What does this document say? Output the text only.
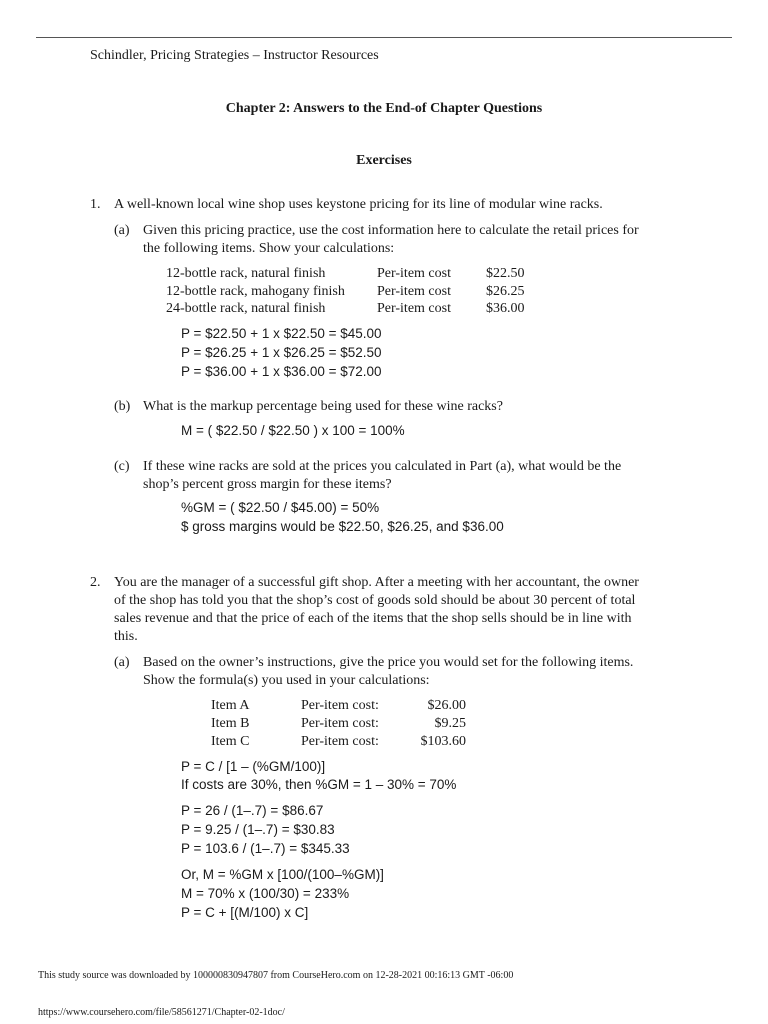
Schindler, Pricing Strategies – Instructor Resources
Chapter 2: Answers to the End-of Chapter Questions
Exercises
1. A well-known local wine shop uses keystone pricing for its line of modular wine racks.
(a) Given this pricing practice, use the cost information here to calculate the retail prices for
the following items. Show your calculations:
12-bottle rack, natural finish	Per-item cost	$22.50
12-bottle rack, mahogany finish Per-item cost	$26.25
24-bottle rack, natural finish	Per-item cost	$36.00
P = $22.50 + 1 x $22.50 = $45.00
P = $26.25 + 1 x $26.25 = $52.50
P = $36.00 + 1 x $36.00 = $72.00
(b) What is the markup percentage being used for these wine racks?
M = ( $22.50 / $22.50 ) x 100 = 100%
(c) If these wine racks are sold at the prices you calculated in Part (a), what would be the
shop’s percent gross margin for these items?
%GM = ( $22.50 / $45.00) = 50%
$ gross margins would be $22.50, $26.25, and $36.00
2. You are the manager of a successful gift shop. After a meeting with her accountant, the owner
of the shop has told you that the shop’s cost of goods sold should be about 30 percent of total
sales revenue and that the price of each of the items that the shop sells should be in line with
this.
(a) Based on the owner’s instructions, give the price you would set for the following items.
Show the formula(s) you used in your calculations:
Item A	Per-item cost:	$26.00
Item B	Per-item cost:	$9.25
Item C	Per-item cost:	$103.60
P = C / [1 – (%GM/100)]
If costs are 30%, then %GM = 1 – 30% = 70%
P = 26 / (1–.7) = $86.67
P = 9.25 / (1–.7) = $30.83
P = 103.6 / (1–.7) = $345.33
Or, M = %GM x [100/(100–%GM)]
M = 70% x (100/30) = 233%
P = C + [(M/100) x C]
This study source was downloaded by 100000830947807 from CourseHero.com on 12-28-2021 00:16:13 GMT -06:00
https://www.coursehero.com/file/58561271/Chapter-02-1doc/
